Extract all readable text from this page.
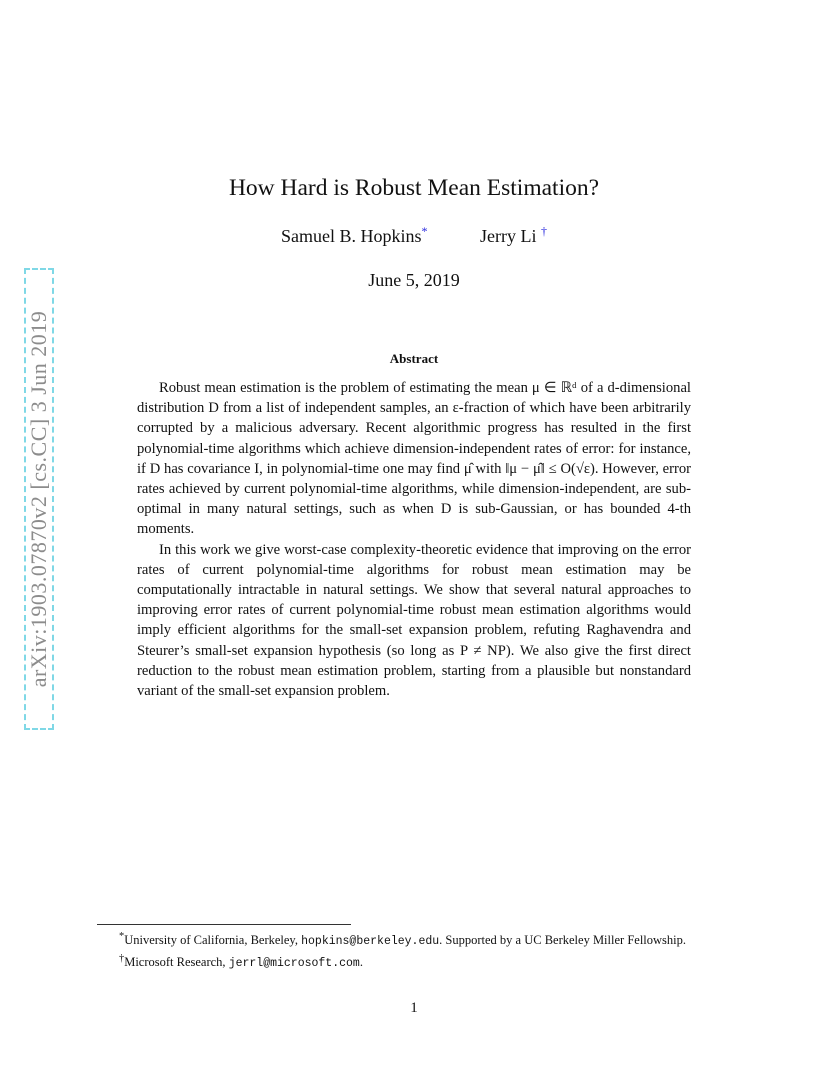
arXiv:1903.07870v2 [cs.CC] 3 Jun 2019
How Hard is Robust Mean Estimation?
Samuel B. Hopkins*	Jerry Li †
June 5, 2019
Abstract

Robust mean estimation is the problem of estimating the mean μ ∈ ℝᵈ of a d-dimensional distribution D from a list of independent samples, an ε-fraction of which have been arbitrarily corrupted by a malicious adversary. Recent algorithmic progress has resulted in the first polynomial-time algorithms which achieve dimension-independent rates of error: for instance, if D has covariance I, in polynomial-time one may find μ̂ with ‖μ − μ̂‖ ≤ O(√ε). However, error rates achieved by current polynomial-time algorithms, while dimension-independent, are sub-optimal in many natural settings, such as when D is sub-Gaussian, or has bounded 4-th moments.

In this work we give worst-case complexity-theoretic evidence that improving on the error rates of current polynomial-time algorithms for robust mean estimation may be computationally intractable in natural settings. We show that several natural approaches to improving error rates of current polynomial-time robust mean estimation algorithms would imply efficient algorithms for the small-set expansion problem, refuting Raghavendra and Steurer’s small-set expansion hypothesis (so long as P ≠ NP). We also give the first direct reduction to the robust mean estimation problem, starting from a plausible but nonstandard variant of the small-set expansion problem.

*University of California, Berkeley, hopkins@berkeley.edu. Supported by a UC Berkeley Miller Fellowship.

†Microsoft Research, jerrl@microsoft.com.

1
